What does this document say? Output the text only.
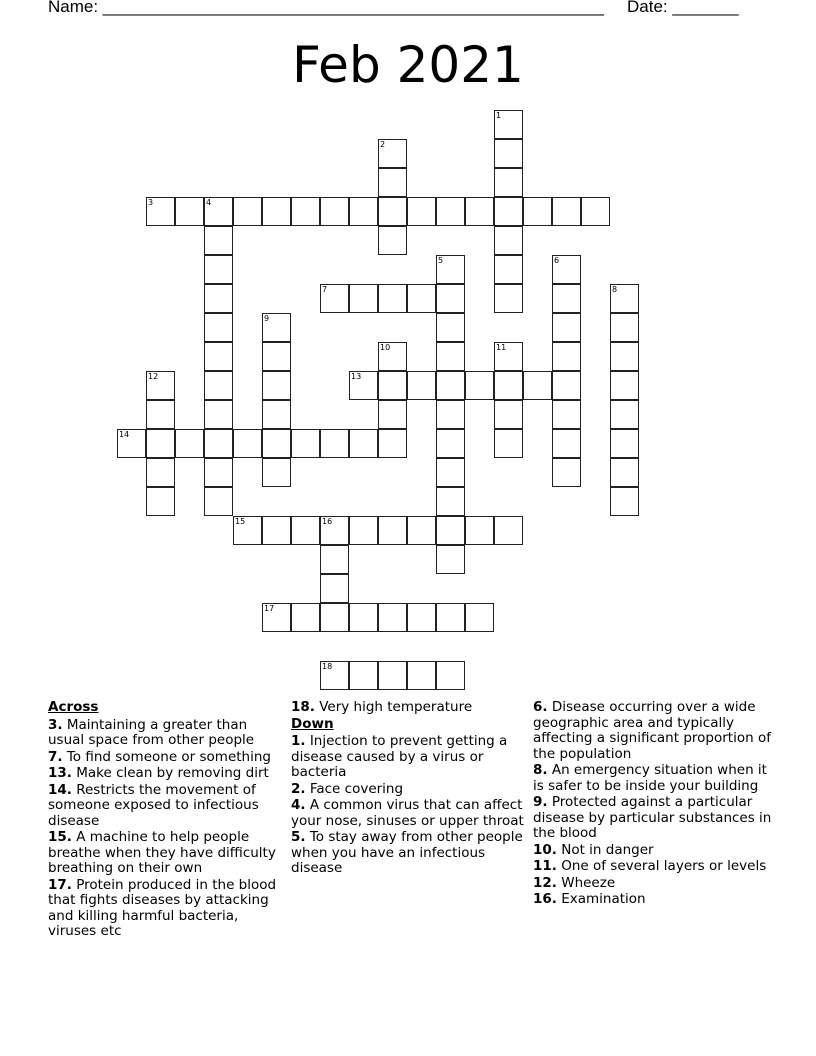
Name: _____________________________________________________ Date: _______
Feb 2021
1
2
3	4
5	6
7	8
9
10	11
12	13
14
15	16
17
18
Across
3. Maintaining a greater than usual space from other people
7. To find someone or something
13. Make clean by removing dirt
14. Restricts the movement of someone exposed to infectious disease
15. A machine to help people breathe when they have difficulty breathing on their own
17. Protein produced in the blood that fights diseases by attacking and killing harmful bacteria, viruses etc
18. Very high temperature
Down
1. Injection to prevent getting a disease caused by a virus or bacteria
2. Face covering
4. A common virus that can affect your nose, sinuses or upper throat
5. To stay away from other people when you have an infectious disease
6. Disease occurring over a wide geographic area and typically affecting a significant proportion of the population
8. An emergency situation when it is safer to be inside your building
9. Protected against a particular disease by particular substances in the blood
10. Not in danger
11. One of several layers or levels
12. Wheeze
16. Examination
